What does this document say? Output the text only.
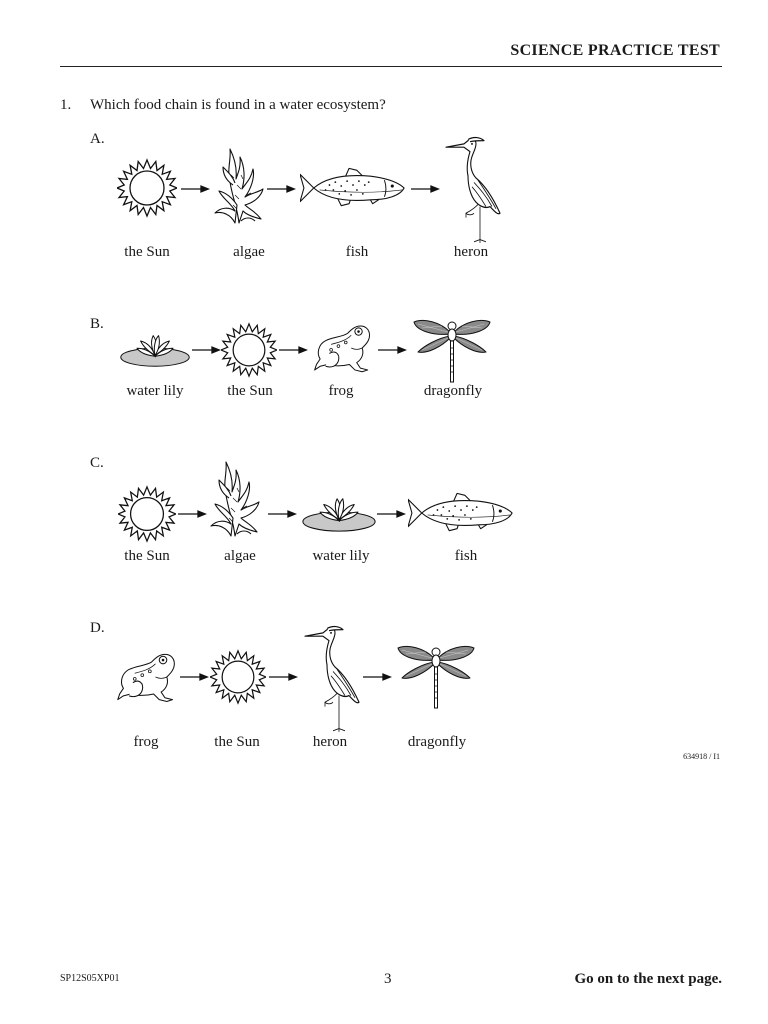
SCIENCE PRACTICE TEST
1. Which food chain is found in a water ecosystem?
A.
the Sun	algae	fish	heron
B.
water lily	the Sun	frog	dragonfly
C.
the Sun	algae	water lily	fish
D.
frog	the Sun	heron	dragonfly
634918 / I1
SP12S05XP01	3	Go on to the next page.
